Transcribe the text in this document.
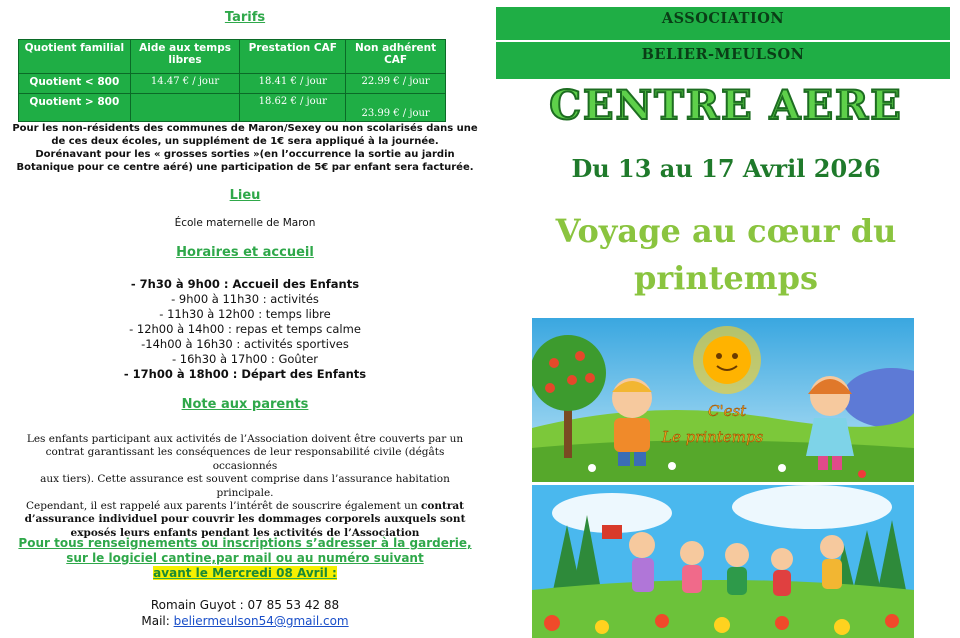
Tarifs
Quotient familial	Aide aux temps libres	Prestation CAF	Non adhérent CAF
Quotient < 800	14.47 € / jour	18.41 € / jour	22.99 € / jour
Quotient > 800		18.62 € / jour	23.99 € / jour
Pour les non-résidents des communes de Maron/Sexey ou non scolarisés dans une
de ces deux écoles, un supplément de 1€ sera appliqué à la journée.
Dorénavant pour les « grosses sorties »(en l’occurrence la sortie au jardin
Botanique pour ce centre aéré) une participation de 5€ par enfant sera facturée.
Lieu
École maternelle de Maron
Horaires et accueil
- 7h30 à 9h00 : Accueil des Enfants
- 9h00 à 11h30 : activités
- 11h30 à 12h00 : temps libre
- 12h00 à 14h00 : repas et temps calme
-14h00 à 16h30 : activités sportives
- 16h30 à 17h00 : Goûter
- 17h00 à 18h00 : Départ des Enfants
Note aux parents
Les enfants participant aux activités de l’Association doivent être couverts par un
contrat garantissant les conséquences de leur responsabilité civile (dégâts occasionnés
aux tiers). Cette assurance est souvent comprise dans l’assurance habitation principale.
Cependant, il est rappelé aux parents l’intérêt de souscrire également un contrat
d’assurance individuel pour couvrir les dommages corporels auxquels sont
exposés leurs enfants pendant les activités de l’Association
Pour tous renseignements ou inscriptions s’adresser à la garderie,
sur le logiciel cantine,par mail ou au numéro suivant
avant le Mercredi 08 Avril :
Romain Guyot : 07 85 53 42 88
Mail: beliermeulson54@gmail.com
ASSOCIATION
BELIER-MEULSON
CENTRE AERE
Du 13 au 17 Avril 2026
Voyage au cœur du
printemps
C'est
Le printemps
